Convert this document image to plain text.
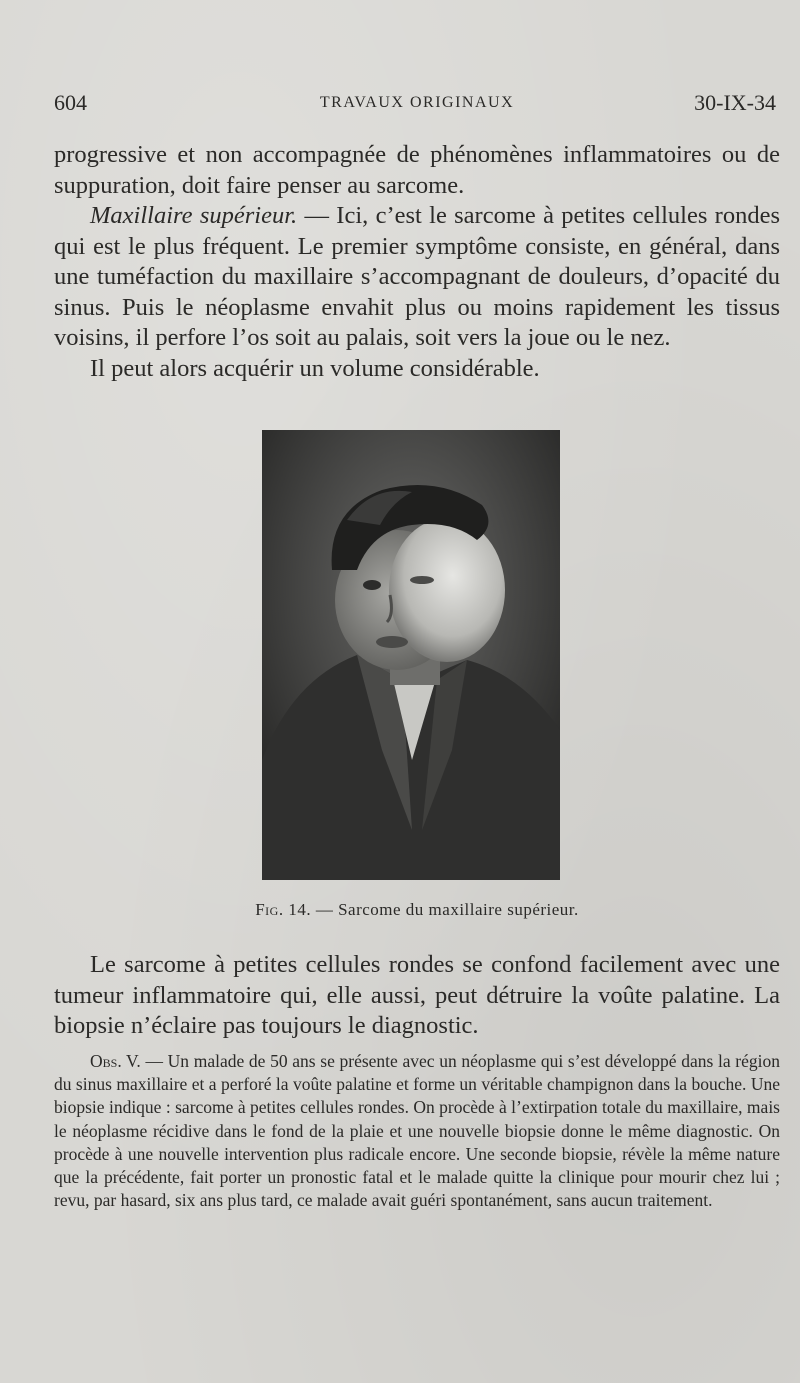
604	TRAVAUX ORIGINAUX	30-IX-34

progressive et non accompagnée de phénomènes inflammatoires ou de suppuration, doit faire penser au sarcome.

Maxillaire supérieur. — Ici, c’est le sarcome à petites cellules rondes qui est le plus fréquent. Le premier symptôme consiste, en général, dans une tuméfaction du maxillaire s’accompagnant de douleurs, d’opacité du sinus. Puis le néoplasme envahit plus ou moins rapidement les tissus voisins, il perfore l’os soit au palais, soit vers la joue ou le nez.

Il peut alors acquérir un volume considérable.

Fig. 14. — Sarcome du maxillaire supérieur.

Le sarcome à petites cellules rondes se confond facilement avec une tumeur inflammatoire qui, elle aussi, peut détruire la voûte palatine. La biopsie n’éclaire pas toujours le diagnostic.

Obs. V. — Un malade de 50 ans se présente avec un néoplasme qui s’est développé dans la région du sinus maxillaire et a perforé la voûte palatine et forme un véritable champignon dans la bouche. Une biopsie indique : sarcome à petites cellules rondes. On procède à l’extirpation totale du maxillaire, mais le néoplasme récidive dans le fond de la plaie et une nouvelle biopsie donne le même diagnostic. On procède à une nouvelle intervention plus radicale encore. Une seconde biopsie, révèle la même nature que la précédente, fait porter un pronostic fatal et le malade quitte la clinique pour mourir chez lui ; revu, par hasard, six ans plus tard, ce malade avait guéri spontanément, sans aucun traitement.
